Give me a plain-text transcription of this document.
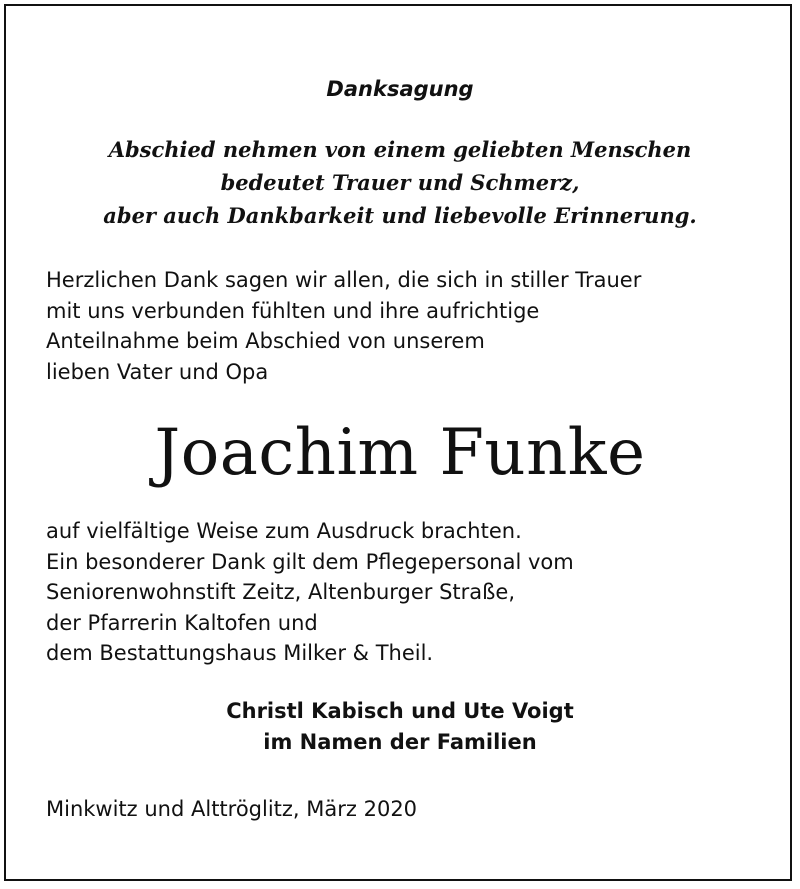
Danksagung
Abschied nehmen von einem geliebten Menschen
bedeutet Trauer und Schmerz,
aber auch Dankbarkeit und liebevolle Erinnerung.
Herzlichen Dank sagen wir allen, die sich in stiller Trauer
mit uns verbunden fühlten und ihre aufrichtige
Anteilnahme beim Abschied von unserem
lieben Vater und Opa
Joachim Funke
auf vielfältige Weise zum Ausdruck brachten.
Ein besonderer Dank gilt dem Pflegepersonal vom
Seniorenwohnstift Zeitz, Altenburger Straße,
der Pfarrerin Kaltofen und
dem Bestattungshaus Milker & Theil.
Christl Kabisch und Ute Voigt
im Namen der Familien
Minkwitz und Alttröglitz, März 2020
